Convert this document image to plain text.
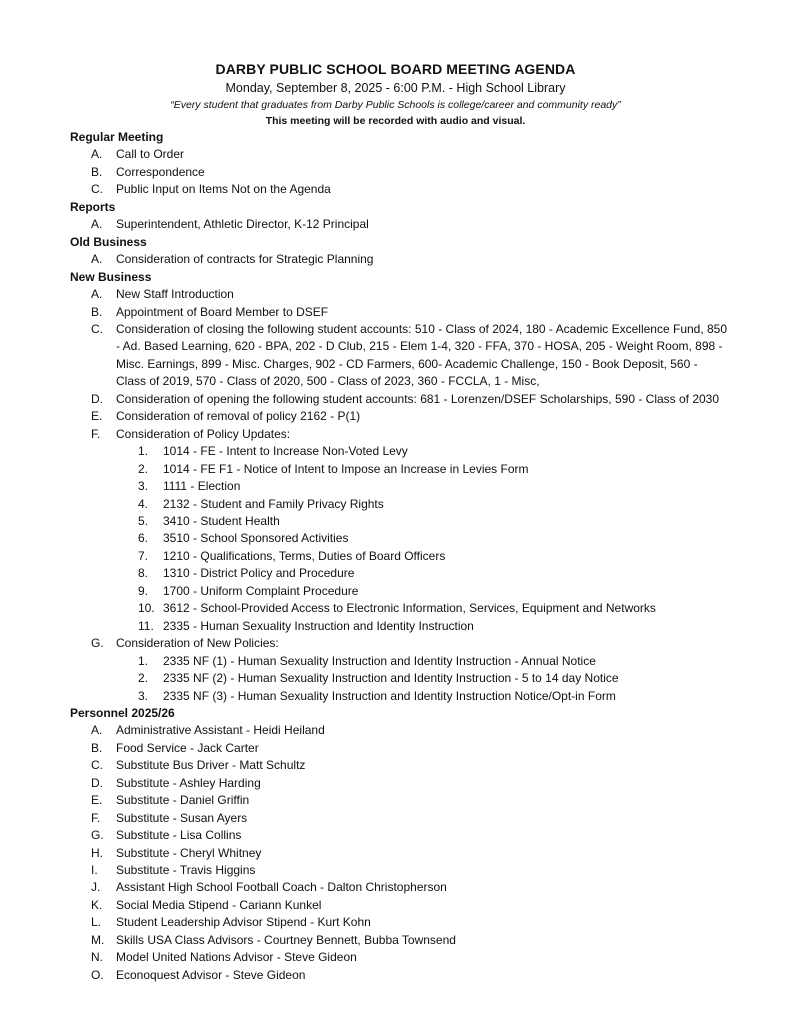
DARBY PUBLIC SCHOOL BOARD MEETING AGENDA
Monday, September 8, 2025 - 6:00 P.M. - High School Library
“Every student that graduates from Darby Public Schools is college/career and community ready”
This meeting will be recorded with audio and visual.
Regular Meeting
A.	Call to Order
B.	Correspondence
C.	Public Input on Items Not on the Agenda
Reports
A.	Superintendent, Athletic Director, K-12 Principal
Old Business
A.	Consideration of contracts for Strategic Planning
New Business
A.	New Staff Introduction
B.	Appointment of Board Member to DSEF
C.	Consideration of closing the following student accounts: 510 - Class of 2024, 180 - Academic Excellence Fund, 850 - Ad. Based Learning, 620 - BPA, 202 - D Club, 215 - Elem 1-4, 320 - FFA, 370 - HOSA, 205 - Weight Room, 898 - Misc. Earnings, 899 - Misc. Charges, 902 - CD Farmers, 600- Academic Challenge, 150 - Book Deposit, 560 - Class of 2019, 570 - Class of 2020, 500 - Class of 2023, 360 - FCCLA, 1 - Misc,
D.	Consideration of opening the following student accounts: 681 - Lorenzen/DSEF Scholarships, 590 - Class of 2030
E.	Consideration of removal of policy 2162 - P(1)
F.	Consideration of Policy Updates:
1.	1014 - FE - Intent to Increase Non-Voted Levy
2.	1014 - FE F1 - Notice of Intent to Impose an Increase in Levies Form
3.	1111 - Election
4.	2132 - Student and Family Privacy Rights
5.	3410 - Student Health
6.	3510 - School Sponsored Activities
7.	1210 - Qualifications, Terms, Duties of Board Officers
8.	1310 - District Policy and Procedure
9.	1700 - Uniform Complaint Procedure
10. 3612 - School-Provided Access to Electronic Information, Services, Equipment and Networks
11. 2335 - Human Sexuality Instruction and Identity Instruction
G.	Consideration of New Policies:
1.	2335 NF (1) - Human Sexuality Instruction and Identity Instruction - Annual Notice
2.	2335 NF (2) - Human Sexuality Instruction and Identity Instruction - 5 to 14 day Notice
3.	2335 NF (3) - Human Sexuality Instruction and Identity Instruction Notice/Opt-in Form
Personnel 2025/26
A.	Administrative Assistant - Heidi Heiland
B.	Food Service - Jack Carter
C.	Substitute Bus Driver - Matt Schultz
D.	Substitute - Ashley Harding
E.	Substitute - Daniel Griffin
F.	Substitute - Susan Ayers
G.	Substitute - Lisa Collins
H.	Substitute - Cheryl Whitney
I.	Substitute - Travis Higgins
J.	Assistant High School Football Coach - Dalton Christopherson
K.	Social Media Stipend - Cariann Kunkel
L.	Student Leadership Advisor Stipend - Kurt Kohn
M. Skills USA Class Advisors - Courtney Bennett, Bubba Townsend
N.	Model United Nations Advisor - Steve Gideon
O.	Econoquest Advisor - Steve Gideon
